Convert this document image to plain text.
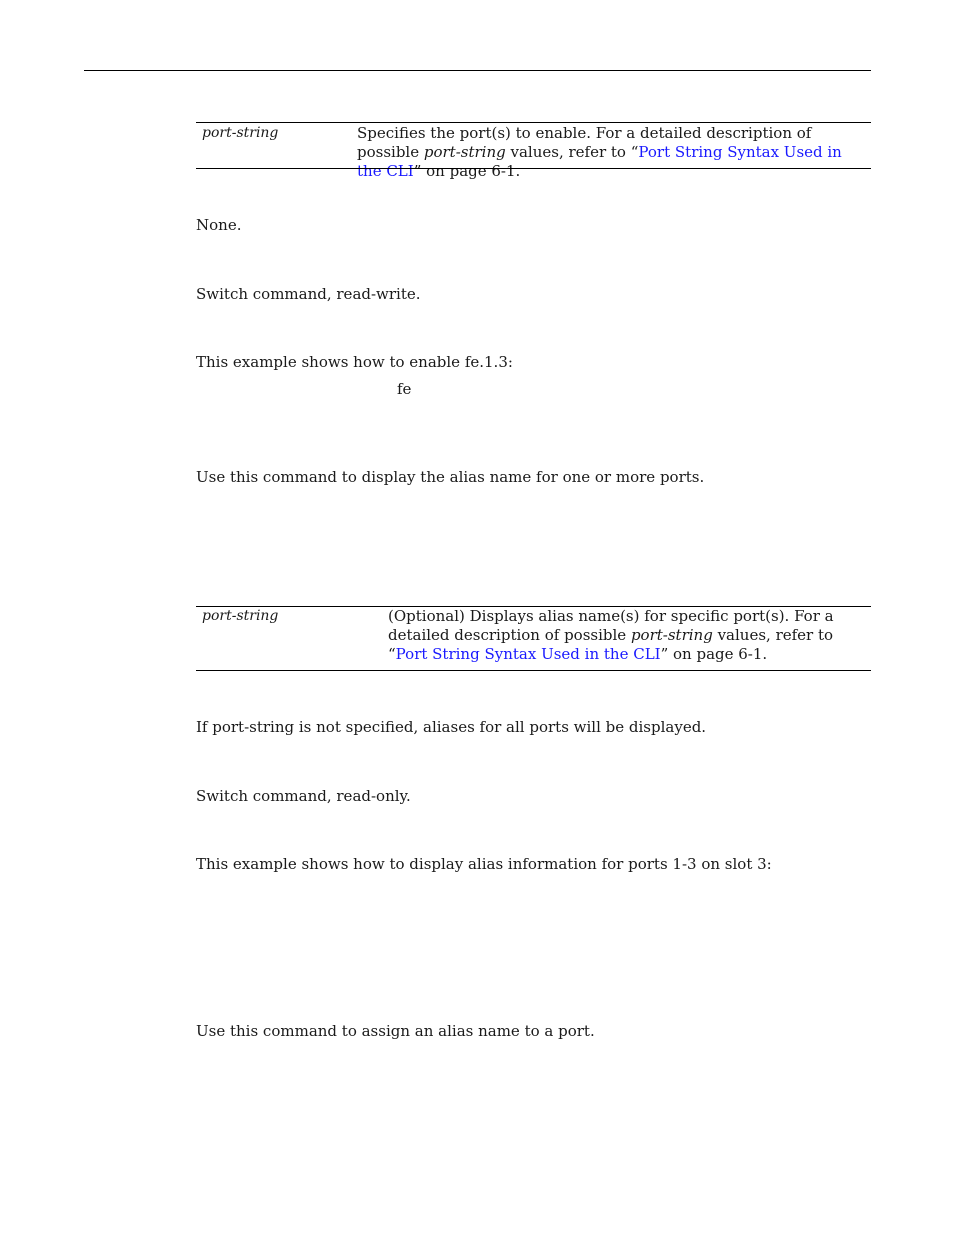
port-string	Specifies the port(s) to enable. For a detailed description of possible port-string values, refer to “Port String Syntax Used in the CLI” on page 6-1.
None.
Switch command, read-write.
This example shows how to enable fe.1.3:
fe
Use this command to display the alias name for one or more ports.
port-string	(Optional) Displays alias name(s) for specific port(s). For a detailed description of possible port-string values, refer to “Port String Syntax Used in the CLI” on page 6-1.
If port-string is not specified, aliases for all ports will be displayed.
Switch command, read-only.
This example shows how to display alias information for ports 1-3 on slot 3:
Use this command to assign an alias name to a port.
